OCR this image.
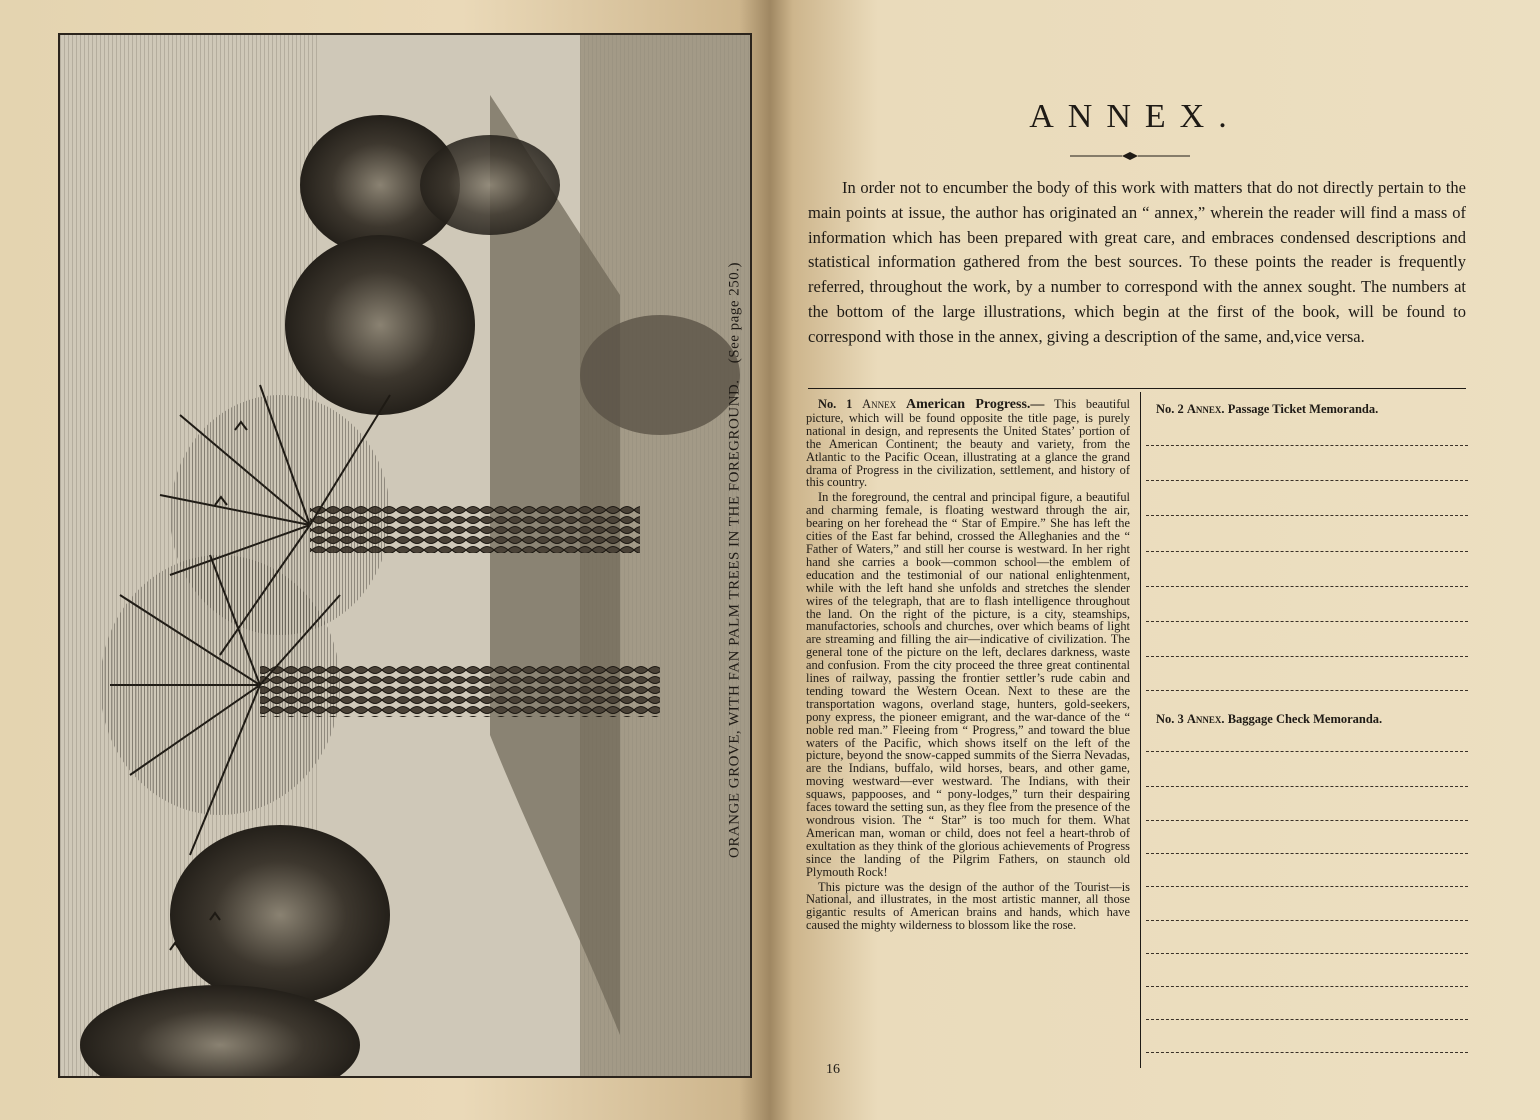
ORANGE GROVE, WITH FAN PALM TREES IN THE FOREGROUND. (See page 250.)
ANNEX.

In order not to encumber the body of this work with matters that do not directly pertain to the main points at issue, the author has originated an “ annex,” wherein the reader will find a mass of information which has been prepared with great care, and embraces condensed descriptions and statistical information gathered from the best sources. To these points the reader is frequently referred, throughout the work, by a number to correspond with the annex sought. The numbers at the bottom of the large illustrations, which begin at the first of the book, will be found to correspond with those in the annex, giving a description of the same, and,vice versa.

No. 1 Annex American Progress.— This beautiful picture, which will be found opposite the title page, is purely national in design, and represents the United States’ portion of the American Continent; the beauty and variety, from the Atlantic to the Pacific Ocean, illustrating at a glance the grand drama of Progress in the civilization, settlement, and history of this country.

In the foreground, the central and principal figure, a beautiful and charming female, is floating westward through the air, bearing on her forehead the “ Star of Empire.” She has left the cities of the East far behind, crossed the Alleghanies and the “ Father of Waters,” and still her course is westward. In her right hand she carries a book—common school—the emblem of education and the testimonial of our national enlightenment, while with the left hand she unfolds and stretches the slender wires of the telegraph, that are to flash intelligence throughout the land. On the right of the picture, is a city, steamships, manufactories, schools and churches, over which beams of light are streaming and filling the air—indicative of civilization. The general tone of the picture on the left, declares darkness, waste and confusion. From the city proceed the three great continental lines of railway, passing the frontier settler’s rude cabin and tending toward the Western Ocean. Next to these are the transportation wagons, overland stage, hunters, gold-seekers, pony express, the pioneer emigrant, and the war-dance of the “ noble red man.” Fleeing from “ Progress,” and toward the blue waters of the Pacific, which shows itself on the left of the picture, beyond the snow-capped summits of the Sierra Nevadas, are the Indians, buffalo, wild horses, bears, and other game, moving westward—ever westward. The Indians, with their squaws, pappooses, and “ pony-lodges,” turn their despairing faces toward the setting sun, as they flee from the presence of the wondrous vision. The “ Star” is too much for them. What American man, woman or child, does not feel a heart-throb of exultation as they think of the glorious achievements of Progress since the landing of the Pilgrim Fathers, on staunch old Plymouth Rock!

This picture was the design of the author of the Tourist—is National, and illustrates, in the most artistic manner, all those gigantic results of American brains and hands, which have caused the mighty wilderness to blossom like the rose.

No. 2 Annex. Passage Ticket Memoranda.
No. 3 Annex. Baggage Check Memoranda.
16
